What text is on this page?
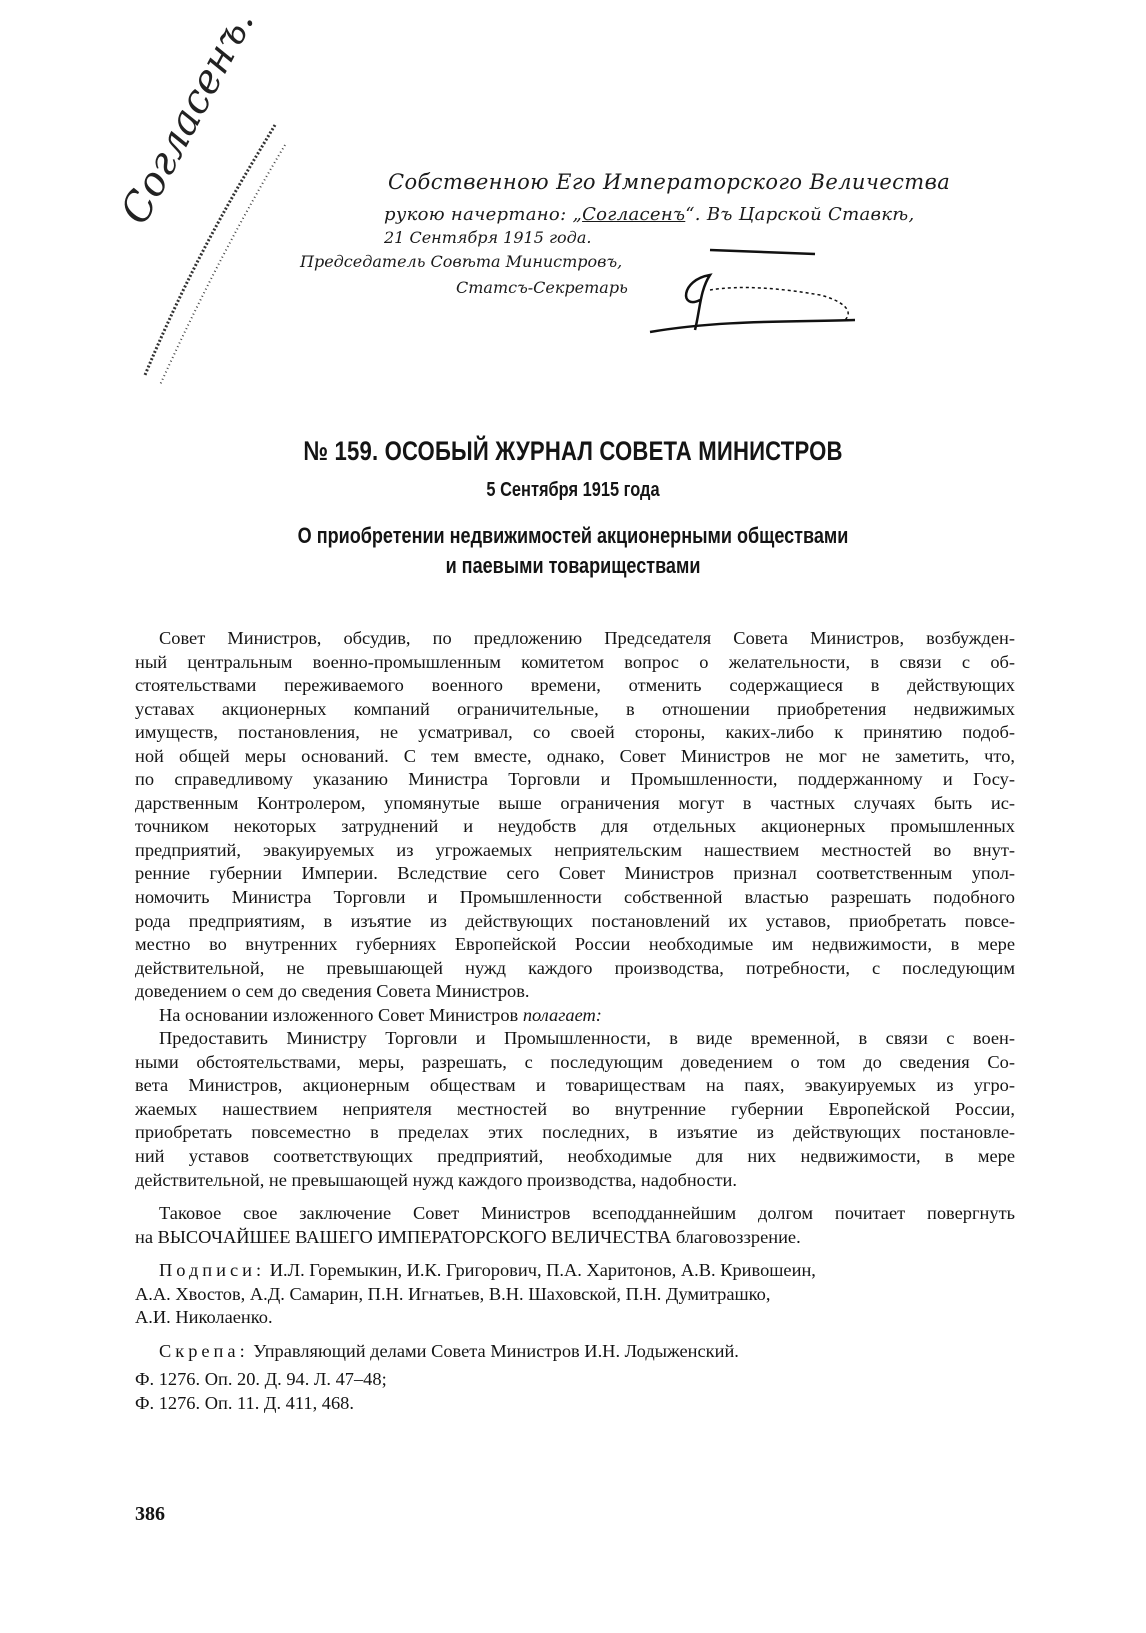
Согласенъ.	Собственною Его Императорского Величества
рукою начертано: „Согласенъ“. Въ Царской Ставкѣ,
21 Сентября 1915 года.
Председатель Совѣта Министровъ,
Статсъ-Секретарь
№ 159. ОСОБЫЙ ЖУРНАЛ СОВЕТА МИНИСТРОВ
5 Сентября 1915 года
О приобретении недвижимостей акционерными обществами
и паевыми товариществами
Совет Министров, обсудив, по предложению Председателя Совета Министров, возбужден-
ный центральным военно-промышленным комитетом вопрос о желательности, в связи с об-
стоятельствами переживаемого военного времени, отменить содержащиеся в действующих
уставах акционерных компаний ограничительные, в отношении приобретения недвижимых
имуществ, постановления, не усматривал, со своей стороны, каких-либо к принятию подоб-
ной общей меры оснований. С тем вместе, однако, Совет Министров не мог не заметить, что,
по справедливому указанию Министра Торговли и Промышленности, поддержанному и Госу-
дарственным Контролером, упомянутые выше ограничения могут в частных случаях быть ис-
точником некоторых затруднений и неудобств для отдельных акционерных промышленных
предприятий, эвакуируемых из угрожаемых неприятельским нашествием местностей во внут-
ренние губернии Империи. Вследствие сего Совет Министров признал соответственным упол-
номочить Министра Торговли и Промышленности собственной властью разрешать подобного
рода предприятиям, в изъятие из действующих постановлений их уставов, приобретать повсе-
местно во внутренних губерниях Европейской России необходимые им недвижимости, в мере
действительной, не превышающей нужд каждого производства, потребности, с последующим
доведением о сем до сведения Совета Министров.
На основании изложенного Совет Министров полагает:
Предоставить Министру Торговли и Промышленности, в виде временной, в связи с воен-
ными обстоятельствами, меры, разрешать, с последующим доведением о том до сведения Со-
вета Министров, акционерным обществам и товариществам на паях, эвакуируемых из угро-
жаемых нашествием неприятеля местностей во внутренние губернии Европейской России,
приобретать повсеместно в пределах этих последних, в изъятие из действующих постановле-
ний уставов соответствующих предприятий, необходимые для них недвижимости, в мере
действительной, не превышающей нужд каждого производства, надобности.
Таковое свое заключение Совет Министров всеподданнейшим долгом почитает повергнуть
на ВЫСОЧАЙШЕЕ ВАШЕГО ИМПЕРАТОРСКОГО ВЕЛИЧЕСТВА благовоззрение.
Подписи: И.Л. Горемыкин, И.К. Григорович, П.А. Харитонов, А.В. Кривошеин,
А.А. Хвостов, А.Д. Самарин, П.Н. Игнатьев, В.Н. Шаховской, П.Н. Думитрашко,
А.И. Николаенко.
Скрепа: Управляющий делами Совета Министров И.Н. Лодыженский.
Ф. 1276. Оп. 20. Д. 94. Л. 47–48;
Ф. 1276. Оп. 11. Д. 411, 468.
386
